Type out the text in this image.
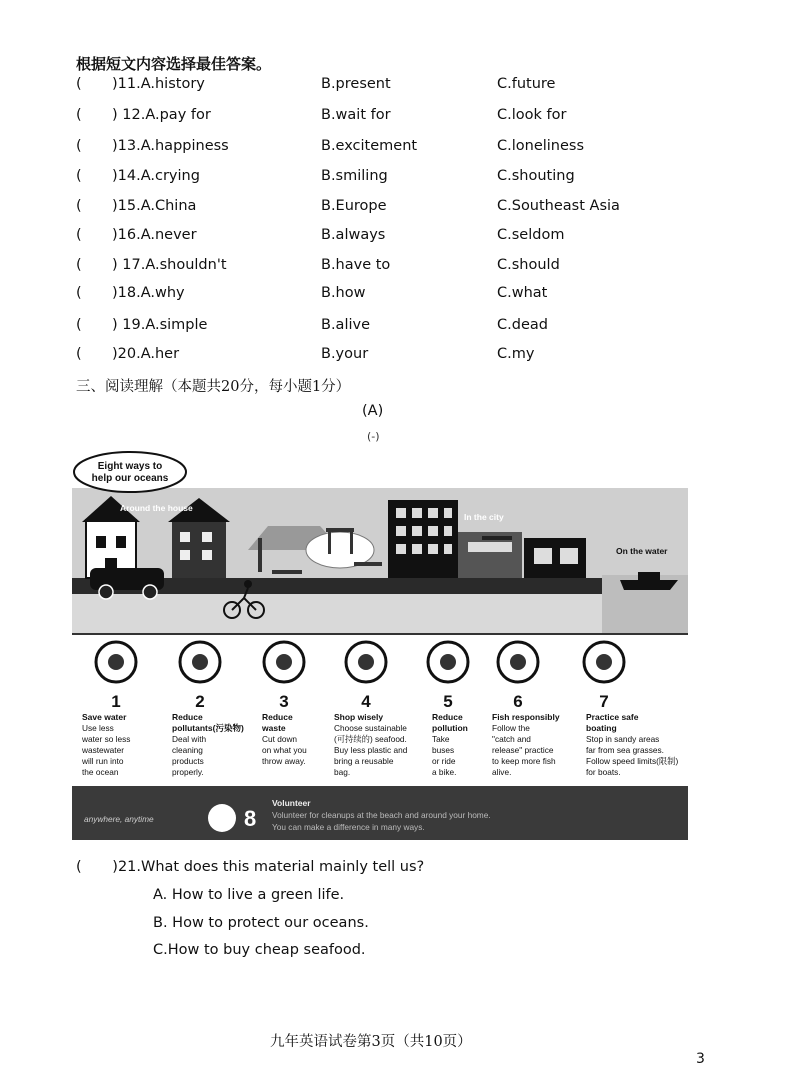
根据短文内容选择最佳答案。
( )11.A.history	B.present	C.future
( ) 12.A.pay for	B.wait for	C.look for
( )13.A.happiness	B.excitement	C.loneliness
( )14.A.crying	B.smiling	C.shouting
( )15.A.China	B.Europe	C.Southeast Asia
( )16.A.never	B.always	C.seldom
( ) 17.A.shouldn't	B.have to	C.should
( )18.A.why	B.how	C.what
( ) 19.A.simple	B.alive	C.dead
( )20.A.her	B.your	C.my
三、阅读理解（本题共20分，每小题1分）
(A)
(-)
Eight ways to
help our oceans
Around the house
In the city
On the water
1
Save water
Use less
water so less
wastewater
will run into
the ocean
2
Reduce
pollutants(污染物)
Deal with
cleaning
products
properly.
3
Reduce
waste
Cut down
on what you
throw away.
4
Shop wisely
Choose sustainable
(可持续的) seafood.
Buy less plastic and
bring a reusable
bag.
5
Reduce
pollution
Take
buses
or ride
a bike.
6
Fish responsibly
Follow the
"catch and
release" practice
to keep more fish
alive.
7
Practice safe
boating
Stop in sandy areas
far from sea grasses.
Follow speed limits(限制)
for boats.
anywhere, anytime	8
Volunteer
Volunteer for cleanups at the beach and around your home.
You can make a difference in many ways.
( )21.What does this material mainly tell us?
A. How to live a green life.
B. How to protect our oceans.
C.How to buy cheap seafood.
九年英语试卷第3页（共10页）
3
